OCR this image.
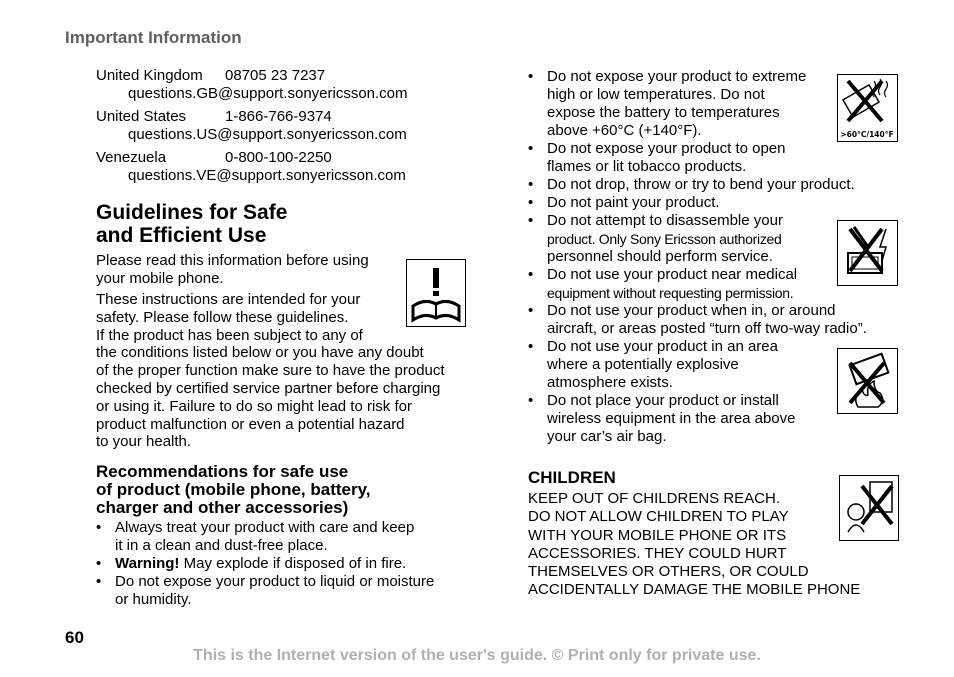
Important Information
United Kingdom 08705 23 7237
questions.GB@support.sonyericsson.com
United States	1-866-766-9374
questions.US@support.sonyericsson.com
Venezuela	0-800-100-2250
questions.VE@support.sonyericsson.com
Guidelines for Safe
and Efficient Use
Please read this information before using
your mobile phone.
These instructions are intended for your
safety. Please follow these guidelines.
If the product has been subject to any of
the conditions listed below or you have any doubt
of the proper function make sure to have the product
checked by certified service partner before charging
or using it. Failure to do so might lead to risk for
product malfunction or even a potential hazard
to your health.
Recommendations for safe use
of product (mobile phone, battery,
charger and other accessories)
• Always treat your product with care and keep
it in a clean and dust-free place.
• Warning! May explode if disposed of in fire.
• Do not expose your product to liquid or moisture
or humidity.
• Do not expose your product to extreme
high or low temperatures. Do not
expose the battery to temperatures
above +60°C (+140°F).
• Do not expose your product to open
flames or lit tobacco products.
• Do not drop, throw or try to bend your product.
• Do not paint your product.
• Do not attempt to disassemble your
product. Only Sony Ericsson authorized
personnel should perform service.
• Do not use your product near medical
equipment without requesting permission.
• Do not use your product when in, or around
aircraft, or areas posted “turn off two-way radio”.
• Do not use your product in an area
where a potentially explosive
atmosphere exists.
• Do not place your product or install
wireless equipment in the area above
your car’s air bag.
>60°C/140°F
CHILDREN
KEEP OUT OF CHILDRENS REACH.
DO NOT ALLOW CHILDREN TO PLAY
WITH YOUR MOBILE PHONE OR ITS
ACCESSORIES. THEY COULD HURT
THEMSELVES OR OTHERS, OR COULD
ACCIDENTALLY DAMAGE THE MOBILE PHONE
60
This is the Internet version of the user's guide. © Print only for private use.
